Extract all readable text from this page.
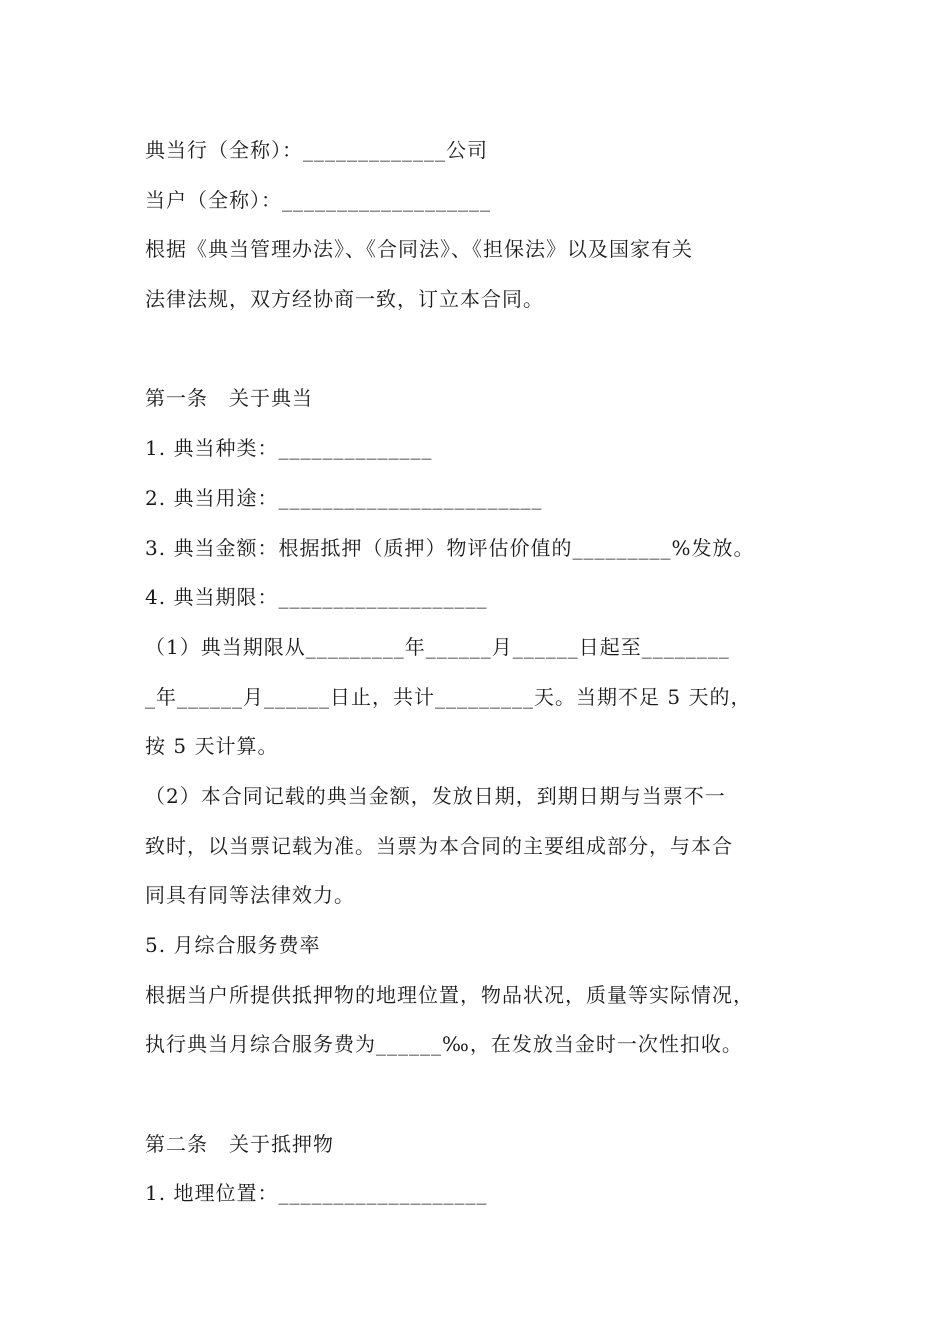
典当行（全称）：_____________公司
当户（全称）：___________________
根据《典当管理办法》、《合同法》、《担保法》以及国家有关
法律法规，双方经协商一致，订立本合同。
第一条　关于典当
1. 典当种类：______________
2. 典当用途：________________________
3. 典当金额：根据抵押（质押）物评估价值的_________%发放。
4. 典当期限：___________________
（1）典当期限从_________年______月______日起至________
_年______月______日止，共计_________天。当期不足 5 天的，
按 5 天计算。
（2）本合同记载的典当金额，发放日期，到期日期与当票不一
致时，以当票记载为准。当票为本合同的主要组成部分，与本合
同具有同等法律效力。
5. 月综合服务费率
根据当户所提供抵押物的地理位置，物品状况，质量等实际情况，
执行典当月综合服务费为______‰，在发放当金时一次性扣收。
第二条　关于抵押物
1. 地理位置：___________________
